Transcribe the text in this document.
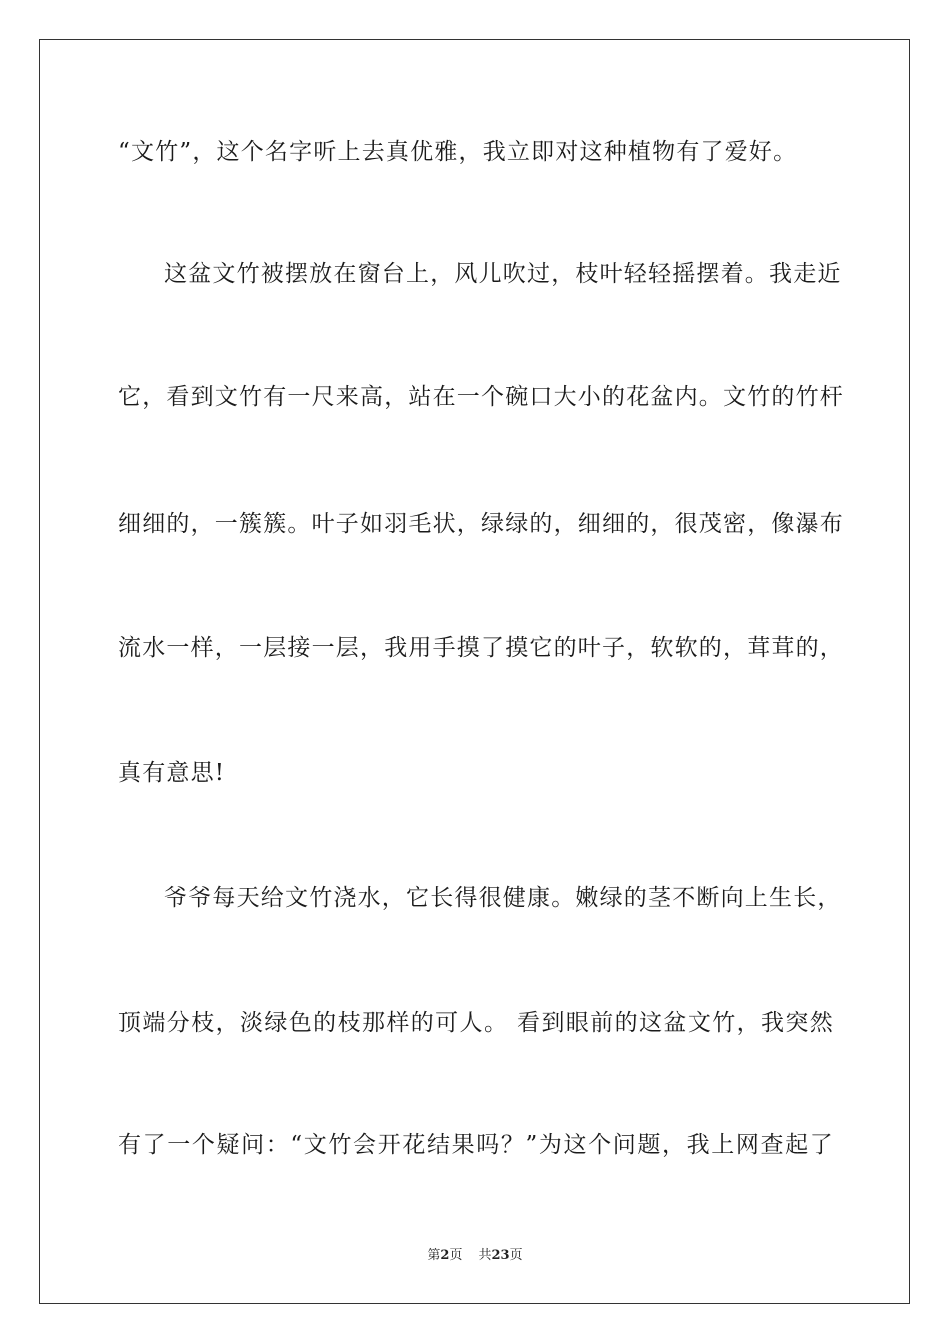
“文竹”，这个名字听上去真优雅，我立即对这种植物有了爱好。
这盆文竹被摆放在窗台上，风儿吹过，枝叶轻轻摇摆着。我走近
它，看到文竹有一尺来高，站在一个碗口大小的花盆内。文竹的竹杆
细细的，一簇簇。叶子如羽毛状，绿绿的，细细的，很茂密，像瀑布
流水一样，一层接一层，我用手摸了摸它的叶子，软软的，茸茸的，
真有意思!
爷爷每天给文竹浇水，它长得很健康。嫩绿的茎不断向上生长，
顶端分枝，淡绿色的枝那样的可人。 看到眼前的这盆文竹，我突然
有了一个疑问：“文竹会开花结果吗？”为这个问题，我上网查起了
第2页 共23页
